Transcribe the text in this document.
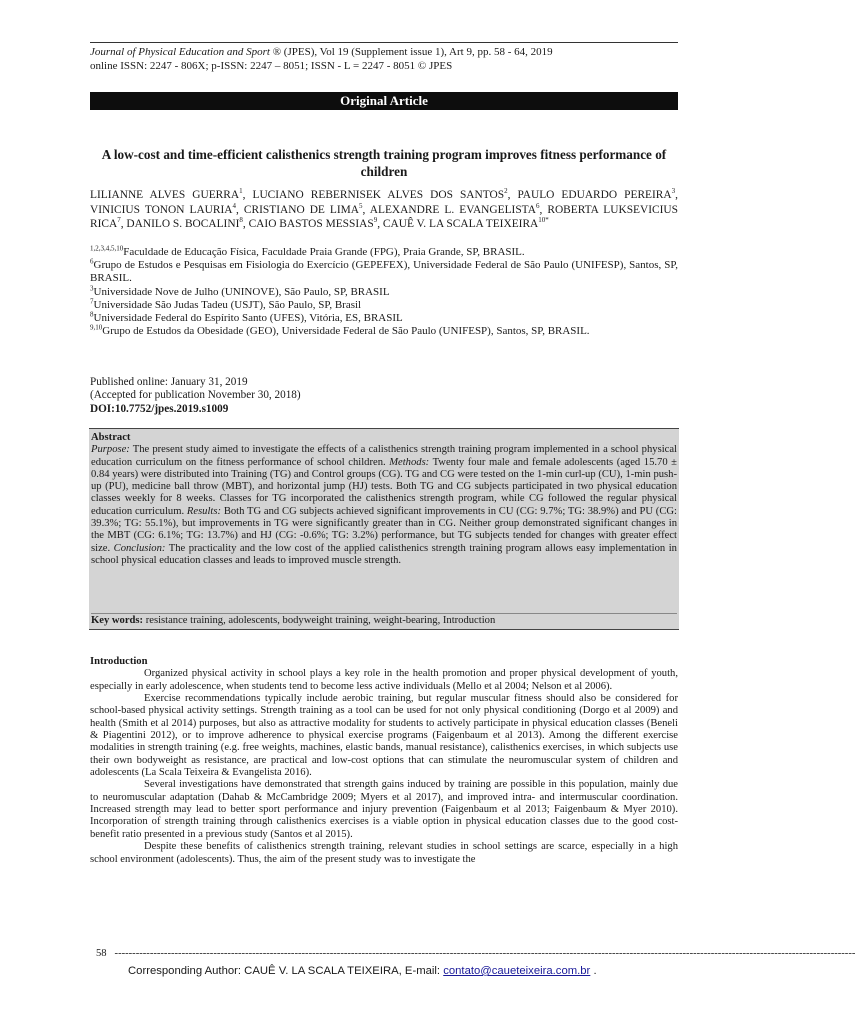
Journal of Physical Education and Sport ® (JPES), Vol 19 (Supplement issue 1), Art 9, pp. 58 - 64, 2019
online ISSN: 2247 - 806X; p-ISSN: 2247 – 8051; ISSN - L = 2247 - 8051 © JPES
Original Article
A low-cost and time-efficient calisthenics strength training program improves fitness performance of children
LILIANNE ALVES GUERRA$^1$, LUCIANO REBERNISEK ALVES DOS SANTOS$^2$, PAULO EDUARDO PEREIRA$^3$, VINICIUS TONON LAURIA$^4$, CRISTIANO DE LIMA$^5$, ALEXANDRE L. EVANGELISTA$^6$, ROBERTA LUKSEVICIUS RICA$^7$, DANILO S. BOCALINI$^8$, CAIO BASTOS MESSIAS$^9$, CAUÊ V. LA SCALA $TEIXEIRA^{10*}$
$^{1,2,3,4,5,10}$Faculdade de Educação Física, Faculdade Praia Grande (FPG), Praia Grande, SP, BRASIL.
$^6$Grupo de Estudos e Pesquisas em Fisiologia do Exercício (GEPEFEX), Universidade Federal de São Paulo (UNIFESP), Santos, SP, BRASIL.
$^3$Universidade Nove de Julho (UNINOVE), São Paulo, SP, BRASIL
$^7$Universidade São Judas Tadeu (USJT), São Paulo, SP, Brasil
$^8$Universidade Federal do Espírito Santo (UFES), Vitória, ES, BRASIL
$^{9,10}$Grupo de Estudos da Obesidade (GEO), Universidade Federal de São Paulo (UNIFESP), Santos, SP, BRASIL.
Published online: January 31, 2019
(Accepted for publication November 30, 2018)
DOI:10.7752/jpes.2019.s1009
Abstract

Purpose: The present study aimed to investigate the effects of a calisthenics strength training program implemented in a school physical education curriculum on the fitness performance of school children. Methods: Twenty four male and female adolescents (aged 15.70 ± 0.84 years) were distributed into Training (TG) and Control groups (CG). TG and CG were tested on the 1-min curl-up (CU), 1-min push-up (PU), medicine ball throw (MBT), and horizontal jump (HJ) tests. Both TG and CG subjects participated in two physical education classes weekly for 8 weeks. Classes for TG incorporated the calisthenics strength program, while CG followed the regular physical education curriculum. Results: Both TG and CG subjects achieved significant improvements in CU (CG: 9.7%; TG: 38.9%) and PU (CG: 39.3%; TG: 55.1%), but improvements in TG were significantly greater than in CG. Neither group demonstrated significant changes in the MBT (CG: 6.1%; TG: 13.7%) and HJ (CG: -0.6%; TG: 3.2%) performance, but TG subjects tended for changes with greater effect size. Conclusion: The practicality and the low cost of the applied calisthenics strength training program allows easy implementation in school physical education classes and leads to improved muscle strength.

Key words: resistance training, adolescents, bodyweight training, weight-bearing, Introduction
Introduction

Organized physical activity in school plays a key role in the health promotion and proper physical development of youth, especially in early adolescence, when students tend to become less active individuals (Mello et al 2004; Nelson et al 2006).

Exercise recommendations typically include aerobic training, but regular muscular fitness should also be considered for school-based physical activity settings. Strength training as a tool can be used for not only physical conditioning (Dorgo et al 2009) and health (Smith et al 2014) purposes, but also as attractive modality for students to actively participate in physical education classes (Beneli & Piagentini 2012), or to improve adherence to physical exercise programs (Faigenbaum et al 2013). Among the different exercise modalities in strength training (e.g. free weights, machines, elastic bands, manual resistance), calisthenics exercises, in which subjects use their own bodyweight as resistance, are practical and low-cost options that can stimulate the neuromuscular system of children and adolescents (La Scala Teixeira & Evangelista 2016).

Several investigations have demonstrated that strength gains induced by training are possible in this population, mainly due to neuromuscular adaptation (Dahab & McCambridge 2009; Myers et al 2017), and improved intra- and intermuscular coordination. Increased strength may lead to better sport performance and injury prevention (Faigenbaum et al 2013; Faigenbaum & Myer 2010). Incorporation of strength training through calisthenics exercises is a viable option in physical education classes due to the good cost-benefit ratio presented in a previous study (Santos et al 2015).

Despite these benefits of calisthenics strength training, relevant studies in school settings are scarce, especially in a high school environment (adolescents). Thus, the aim of the present study was to investigate the

58 ------------------------------------------------------------------------------------------------------------------------------------------------------------------------------------------------------------------
Corresponding Author: CAUÊ V. LA SCALA TEIXEIRA, E-mail: contato@caueteixeira.com.br .
